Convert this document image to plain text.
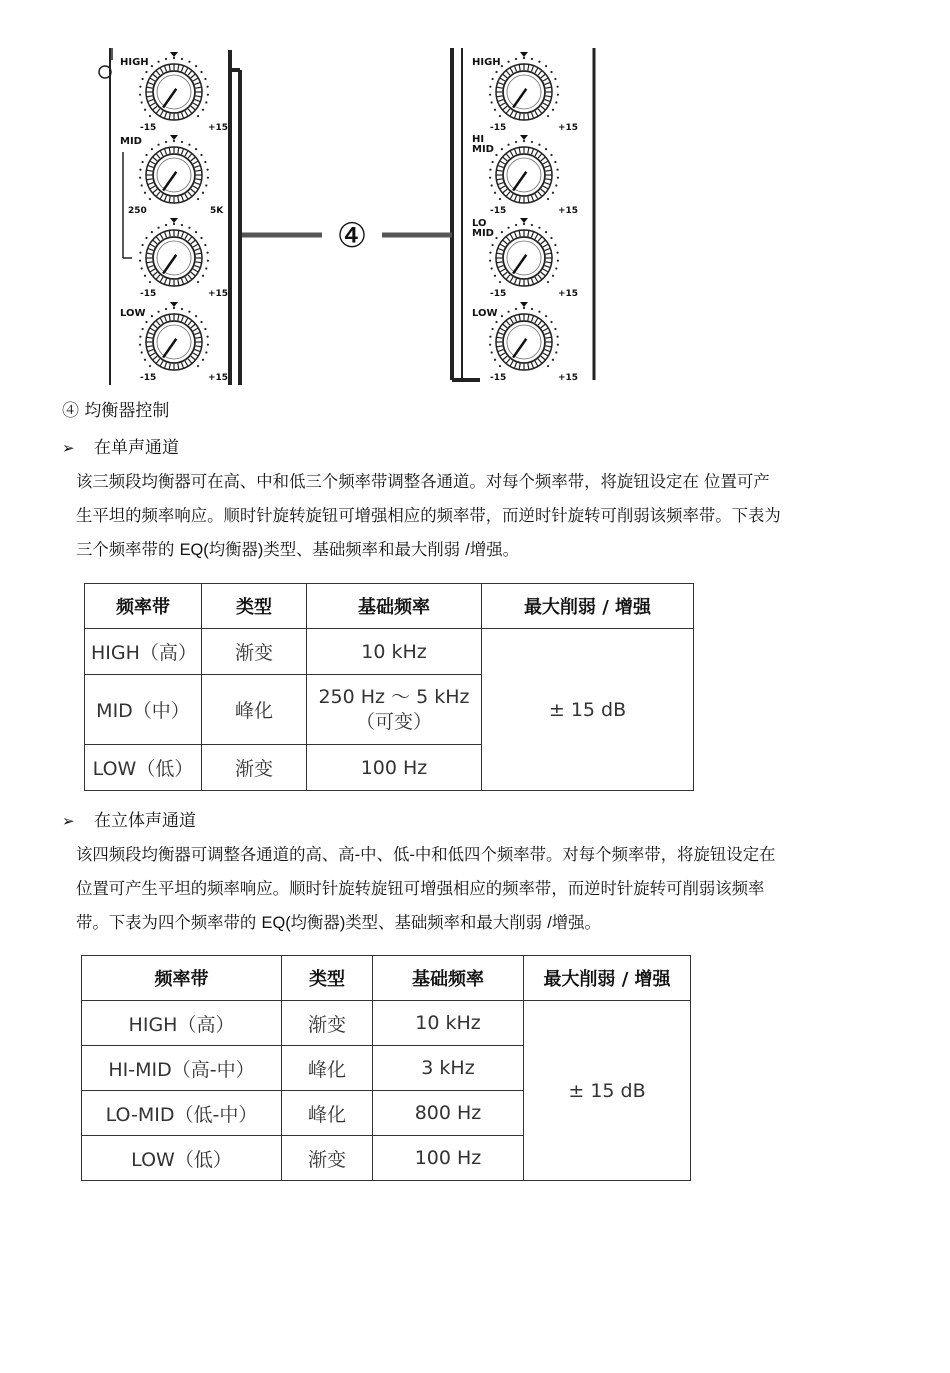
④
HIGH
MID
LOW
HIGH
HI
MID
LO
MID
LOW
-15	+15
250	5K
-15	+15
-15	+15
-15	+15
-15	+15
-15	+15
-15	+15
④ 均衡器控制
➢ 在单声通道
该三频段均衡器可在高、中和低三个频率带调整各通道。对每个频率带，将旋钮设定在 位置可产
生平坦的频率响应。顺时针旋转旋钮可增强相应的频率带，而逆时针旋转可削弱该频率带。下表为
三个频率带的 EQ(均衡器)类型、基础频率和最大削弱 /增强。
频率带	类型	基础频率	最大削弱 / 增强
HIGH（高）	渐变	10 kHz	± 15 dB
MID（中）	峰化	250 Hz ～ 5 kHz
（可变）	

LOW（低）	渐变	100 Hz	
➢ 在立体声通道
该四频段均衡器可调整各通道的高、高-中、低-中和低四个频率带。对每个频率带，将旋钮设定在
位置可产生平坦的频率响应。顺时针旋转旋钮可增强相应的频率带，而逆时针旋转可削弱该频率
带。下表为四个频率带的 EQ(均衡器)类型、基础频率和最大削弱 /增强。
频率带	类型	基础频率	最大削弱 / 增强
HIGH（高）	渐变	10 kHz	± 15 dB
HI-MID（高-中）	峰化	3 kHz	
LO-MID（低-中）	峰化	800 Hz	
LOW（低）	渐变	100 Hz	
